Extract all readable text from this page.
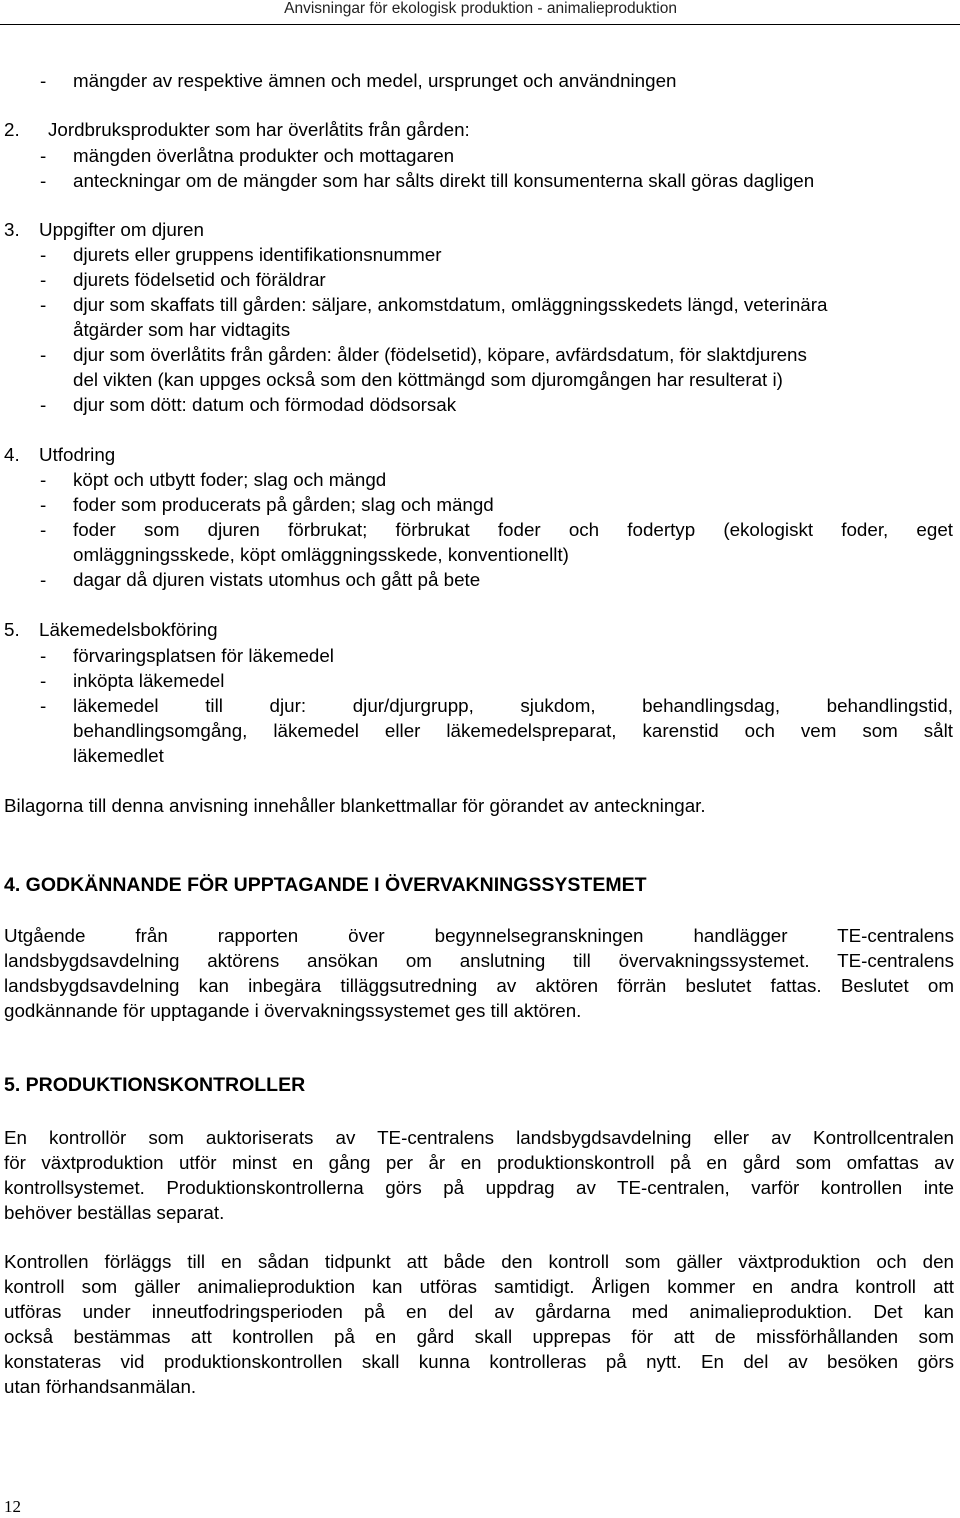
Anvisningar för ekologisk produktion - animalieproduktion
- mängder av respektive ämnen och medel, ursprunget och användningen
2. Jordbruksprodukter som har överlåtits från gården:
- mängden överlåtna produkter och mottagaren
- anteckningar om de mängder som har sålts direkt till konsumenterna skall göras dagligen
3. Uppgifter om djuren
- djurets eller gruppens identifikationsnummer
- djurets födelsetid och föräldrar
- djur som skaffats till gården: säljare, ankomstdatum, omläggningsskedets längd, veterinära
åtgärder som har vidtagits
- djur som överlåtits från gården: ålder (födelsetid), köpare, avfärdsdatum, för slaktdjurens
del vikten (kan uppges också som den köttmängd som djuromgången har resulterat i)
- djur som dött: datum och förmodad dödsorsak
4. Utfodring
- köpt och utbytt foder; slag och mängd
- foder som producerats på gården; slag och mängd
- foder som djuren förbrukat; förbrukat foder och fodertyp (ekologiskt foder, eget
omläggningsskede, köpt omläggningsskede, konventionellt)
- dagar då djuren vistats utomhus och gått på bete
5. Läkemedelsbokföring
- förvaringsplatsen för läkemedel
- inköpta läkemedel
- läkemedel till djur: djur/djurgrupp, sjukdom, behandlingsdag, behandlingstid,
behandlingsomgång, läkemedel eller läkemedelspreparat, karenstid och vem som sålt
läkemedlet
Bilagorna till denna anvisning innehåller blankettmallar för görandet av anteckningar.
4. GODKÄNNANDE FÖR UPPTAGANDE I ÖVERVAKNINGSSYSTEMET
Utgående från rapporten över begynnelsegranskningen handlägger TE-centralens
landsbygdsavdelning aktörens ansökan om anslutning till övervakningssystemet. TE-centralens
landsbygdsavdelning kan inbegära tilläggsutredning av aktören förrän beslutet fattas. Beslutet om
godkännande för upptagande i övervakningssystemet ges till aktören.
5. PRODUKTIONSKONTROLLER
En kontrollör som auktoriserats av TE-centralens landsbygdsavdelning eller av Kontrollcentralen
för växtproduktion utför minst en gång per år en produktionskontroll på en gård som omfattas av
kontrollsystemet. Produktionskontrollerna görs på uppdrag av TE-centralen, varför kontrollen inte
behöver beställas separat.
Kontrollen förläggs till en sådan tidpunkt att både den kontroll som gäller växtproduktion och den
kontroll som gäller animalieproduktion kan utföras samtidigt. Årligen kommer en andra kontroll att
utföras under inneutfodringsperioden på en del av gårdarna med animalieproduktion. Det kan
också bestämmas att kontrollen på en gård skall upprepas för att de missförhållanden som
konstateras vid produktionskontrollen skall kunna kontrolleras på nytt. En del av besöken görs
utan förhandsanmälan.
12
